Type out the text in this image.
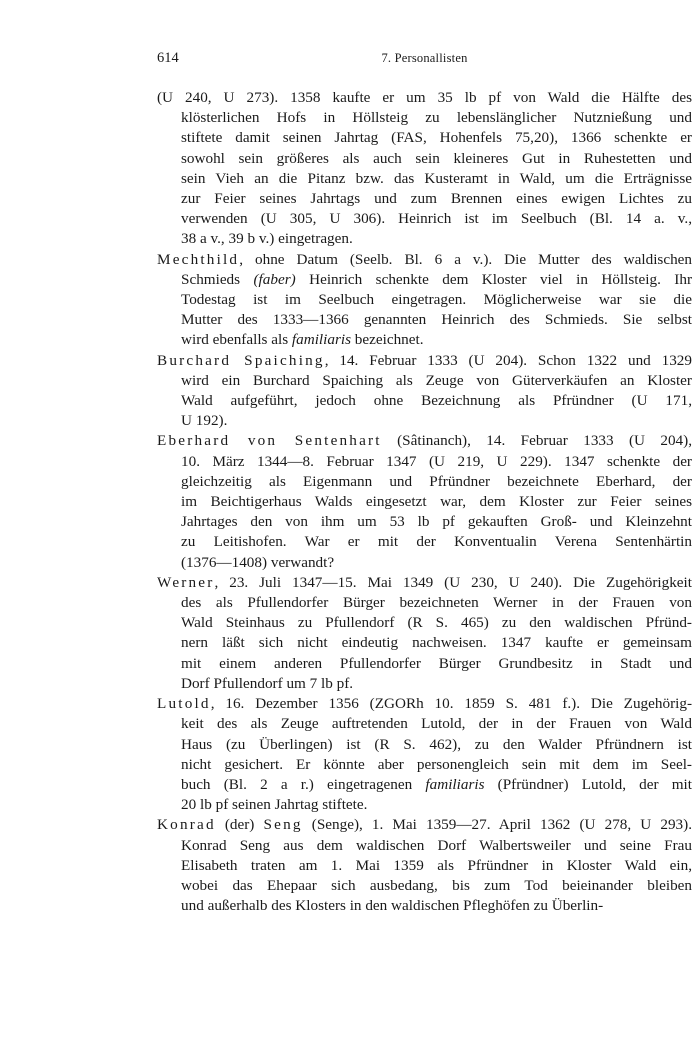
614	7. Personallisten
(U 240, U 273). 1358 kaufte er um 35 lb pf von Wald die Hälfte des
klösterlichen Hofs in Höllsteig zu lebenslänglicher Nutznießung und
stiftete damit seinen Jahrtag (FAS, Hohenfels 75,20), 1366 schenkte er
sowohl sein größeres als auch sein kleineres Gut in Ruhestetten und
sein Vieh an die Pitanz bzw. das Kusteramt in Wald, um die Erträgnisse
zur Feier seines Jahrtags und zum Brennen eines ewigen Lichtes zu
verwenden (U 305, U 306). Heinrich ist im Seelbuch (Bl. 14 a. v.,
38 a v., 39 b v.) eingetragen.
Mechthild, ohne Datum (Seelb. Bl. 6 a v.). Die Mutter des waldischen
Schmieds (faber) Heinrich schenkte dem Kloster viel in Höllsteig. Ihr
Todestag ist im Seelbuch eingetragen. Möglicherweise war sie die
Mutter des 1333—1366 genannten Heinrich des Schmieds. Sie selbst
wird ebenfalls als familiaris bezeichnet.
Burchard Spaiching, 14. Februar 1333 (U 204). Schon 1322 und 1329
wird ein Burchard Spaiching als Zeuge von Güterverkäufen an Kloster
Wald aufgeführt, jedoch ohne Bezeichnung als Pfründner (U 171,
U 192).
Eberhard von Sentenhart (Sâtinanch), 14. Februar 1333 (U 204),
10. März 1344—8. Februar 1347 (U 219, U 229). 1347 schenkte der
gleichzeitig als Eigenmann und Pfründner bezeichnete Eberhard, der
im Beichtigerhaus Walds eingesetzt war, dem Kloster zur Feier seines
Jahrtages den von ihm um 53 lb pf gekauften Groß- und Kleinzehnt
zu Leitishofen. War er mit der Konventualin Verena Sentenhärtin
(1376—1408) verwandt?
Werner, 23. Juli 1347—15. Mai 1349 (U 230, U 240). Die Zugehörigkeit
des als Pfullendorfer Bürger bezeichneten Werner in der Frauen von
Wald Steinhaus zu Pfullendorf (R S. 465) zu den waldischen Pfründ-
nern läßt sich nicht eindeutig nachweisen. 1347 kaufte er gemeinsam
mit einem anderen Pfullendorfer Bürger Grundbesitz in Stadt und
Dorf Pfullendorf um 7 lb pf.
Lutold, 16. Dezember 1356 (ZGORh 10. 1859 S. 481 f.). Die Zugehörig-
keit des als Zeuge auftretenden Lutold, der in der Frauen von Wald
Haus (zu Überlingen) ist (R S. 462), zu den Walder Pfründnern ist
nicht gesichert. Er könnte aber personengleich sein mit dem im Seel-
buch (Bl. 2 a r.) eingetragenen familiaris (Pfründner) Lutold, der mit
20 lb pf seinen Jahrtag stiftete.
Konrad (der) Seng (Senge), 1. Mai 1359—27. April 1362 (U 278, U 293).
Konrad Seng aus dem waldischen Dorf Walbertsweiler und seine Frau
Elisabeth traten am 1. Mai 1359 als Pfründner in Kloster Wald ein,
wobei das Ehepaar sich ausbedang, bis zum Tod beieinander bleiben
und außerhalb des Klosters in den waldischen Pfleghöfen zu Überlin-
